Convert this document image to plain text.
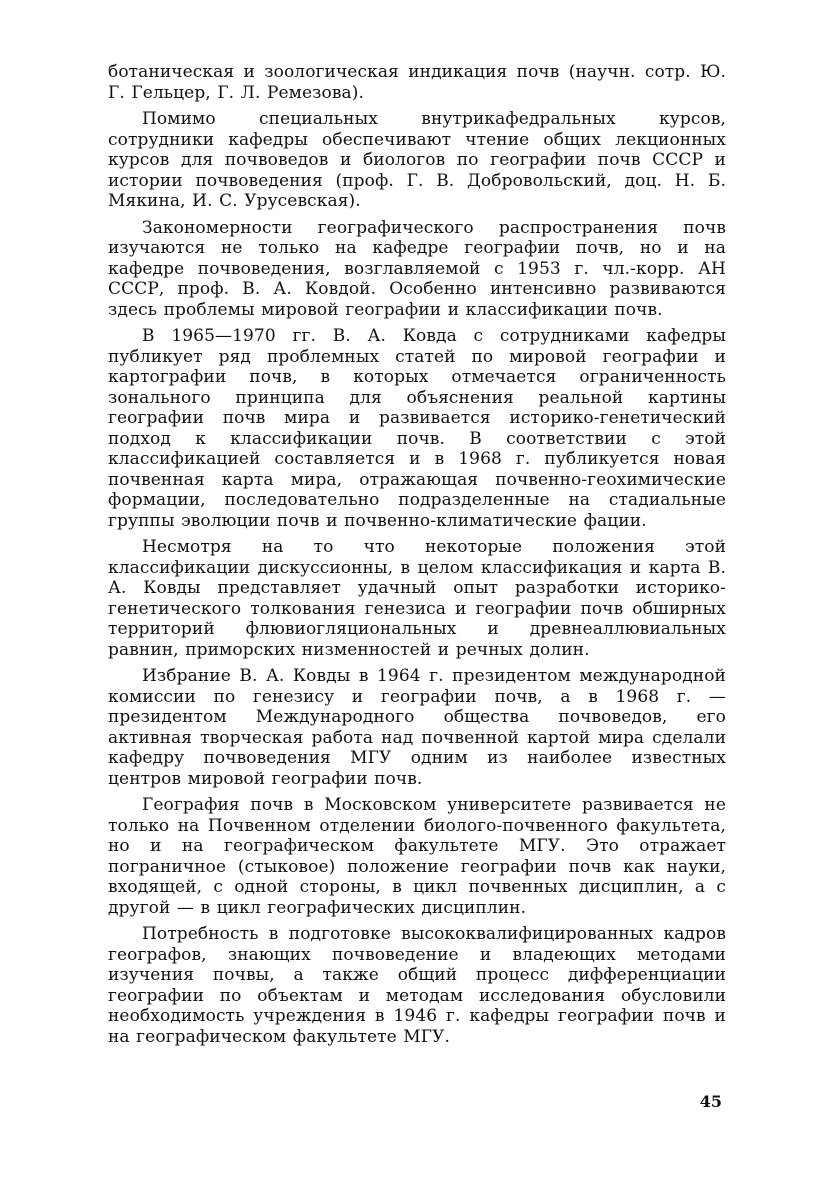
ботаническая и зоологическая индикация почв (научн. сотр. Ю. Г. Гельцер, Г. Л. Ремезова).

Помимо специальных внутрикафедральных курсов, сотрудники кафедры обеспечивают чтение общих лекционных курсов для почвоведов и биологов по географии почв СССР и истории почвоведения (проф. Г. В. Добровольский, доц. Н. Б. Мякина, И. С. Урусевская).

Закономерности географического распространения почв изучаются не только на кафедре географии почв, но и на кафедре почвоведения, возглавляемой с 1953 г. чл.-корр. АН СССР, проф. В. А. Ковдой. Особенно интенсивно развиваются здесь проблемы мировой географии и классификации почв.

В 1965—1970 гг. В. А. Ковда с сотрудниками кафедры публикует ряд проблемных статей по мировой географии и картографии почв, в которых отмечается ограниченность зонального принципа для объяснения реальной картины географии почв мира и развивается историко-генетический подход к классификации почв. В соответствии с этой классификацией составляется и в 1968 г. публикуется новая почвенная карта мира, отражающая почвенно-геохимические формации, последовательно подразделенные на стадиальные группы эволюции почв и почвенно-климатические фации.

Несмотря на то что некоторые положения этой классификации дискуссионны, в целом классификация и карта В. А. Ковды представляет удачный опыт разработки историко-генетического толкования генезиса и географии почв обширных территорий флювиогляциональных и древнеаллювиальных равнин, приморских низменностей и речных долин.

Избрание В. А. Ковды в 1964 г. президентом международной комиссии по генезису и географии почв, а в 1968 г. — президентом Международного общества почвоведов, его активная творческая работа над почвенной картой мира сделали кафедру почвоведения МГУ одним из наиболее известных центров мировой географии почв.

География почв в Московском университете развивается не только на Почвенном отделении биолого-почвенного факультета, но и на географическом факультете МГУ. Это отражает пограничное (стыковое) положение географии почв как науки, входящей, с одной стороны, в цикл почвенных дисциплин, а с другой — в цикл географических дисциплин.

Потребность в подготовке высококвалифицированных кадров географов, знающих почвоведение и владеющих методами изучения почвы, а также общий процесс дифференциации географии по объектам и методам исследования обусловили необходимость учреждения в 1946 г. кафедры географии почв и на географическом факультете МГУ.

45
